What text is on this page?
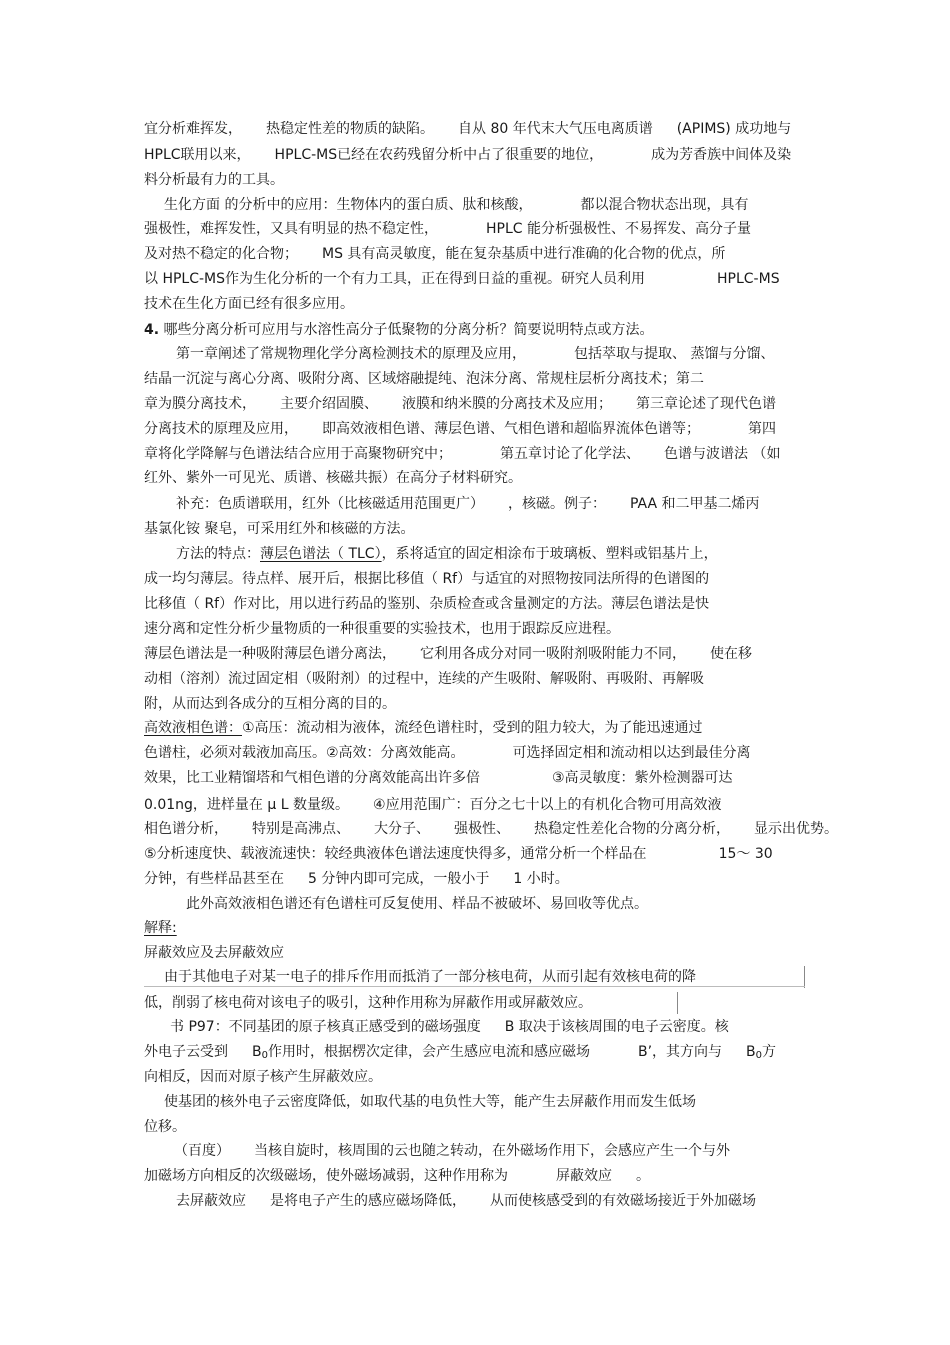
宜分析难挥发， 热稳定性差的物质的缺陷。 自从 80 年代末大气压电离质谱 (APIMS) 成功地与
HPLC联用以来， HPLC-MS已经在农药残留分析中占了很重要的地位，	成为芳香族中间体及染
料分析最有力的工具。
生化方面 的分析中的应用：生物体内的蛋白质、肽和核酸，	都以混合物状态出现，具有
强极性，难挥发性，又具有明显的热不稳定性，	HPLC 能分析强极性、不易挥发、高分子量
及对热不稳定的化合物； MS 具有高灵敏度，能在复杂基质中进行准确的化合物的优点，所
以 HPLC-MS作为生化分析的一个有力工具，正在得到日益的重视。研究人员利用	HPLC-MS
技术在生化方面已经有很多应用。
4. 哪些分离分析可应用与水溶性高分子低聚物的分离分析？简要说明特点或方法。
第一章阐述了常规物理化学分离检测技术的原理及应用，	包括萃取与提取、 蒸馏与分馏、
结晶一沉淀与离心分离、吸附分离、区域熔融提纯、泡沫分离、常规柱层析分离技术；第二
章为膜分离技术， 主要介绍固膜、 液膜和纳米膜的分离技术及应用； 第三章论述了现代色谱
分离技术的原理及应用， 即高效液相色谱、薄层色谱、气相色谱和超临界流体色谱等；	第四
章将化学降解与色谱法结合应用于高聚物研究中；	第五章讨论了化学法、 色谱与波谱法 （如
红外、紫外一可见光、质谱、核磁共振）在高分子材料研究。
补充：色质谱联用，红外（比核磁适用范围更广） ，核磁。例子： PAA 和二甲基二烯丙
基氯化铵 聚皂，可采用红外和核磁的方法。
方法的特点：薄层色谱法（ TLC），系将适宜的固定相涂布于玻璃板、塑料或铝基片上，
成一均匀薄层。待点样、展开后，根据比移值（ Rf）与适宜的对照物按同法所得的色谱图的
比移值（ Rf）作对比，用以进行药品的鉴别、杂质检查或含量测定的方法。薄层色谱法是快
速分离和定性分析少量物质的一种很重要的实验技术，也用于跟踪反应进程。
薄层色谱法是一种吸附薄层色谱分离法， 它利用各成分对同一吸附剂吸附能力不同， 使在移
动相（溶剂）流过固定相（吸附剂）的过程中，连续的产生吸附、解吸附、再吸附、再解吸
附，从而达到各成分的互相分离的目的。
高效液相色谱：①高压：流动相为液体，流经色谱柱时，受到的阻力较大，为了能迅速通过
色谱柱，必须对载液加高压。②高效：分离效能高。	可选择固定相和流动相以达到最佳分离
效果，比工业精馏塔和气相色谱的分离效能高出许多倍	③高灵敏度：紫外检测器可达
0.01ng，进样量在 μ L 数量级。 ④应用范围广：百分之七十以上的有机化合物可用高效液
相色谱分析， 特别是高沸点、 大分子、 强极性、 热稳定性差化合物的分离分析， 显示出优势。
⑤分析速度快、载液流速快：较经典液体色谱法速度快得多，通常分析一个样品在	15～ 30
分钟，有些样品甚至在 5 分钟内即可完成，一般小于 1 小时。
此外高效液相色谱还有色谱柱可反复使用、样品不被破坏、易回收等优点。
解释:
屏蔽效应及去屏蔽效应
由于其他电子对某一电子的排斥作用而抵消了一部分核电荷，从而引起有效核电荷的降
低，削弱了核电荷对该电子的吸引，这种作用称为屏蔽作用或屏蔽效应。
书 P97：不同基团的原子核真正感受到的磁场强度 B 取决于该核周围的电子云密度。核
外电子云受到 $B_0$作用时，根据楞次定律，会产生感应电流和感应磁场	B’，其方向与 $B_0$方
向相反，因而对原子核产生屏蔽效应。
使基团的核外电子云密度降低，如取代基的电负性大等，能产生去屏蔽作用而发生低场
位移。
（百度） 当核自旋时，核周围的云也随之转动，在外磁场作用下，会感应产生一个与外
加磁场方向相反的次级磁场，使外磁场减弱，这种作用称为	屏蔽效应 。
去屏蔽效应 是将电子产生的感应磁场降低， 从而使核感受到的有效磁场接近于外加磁场
